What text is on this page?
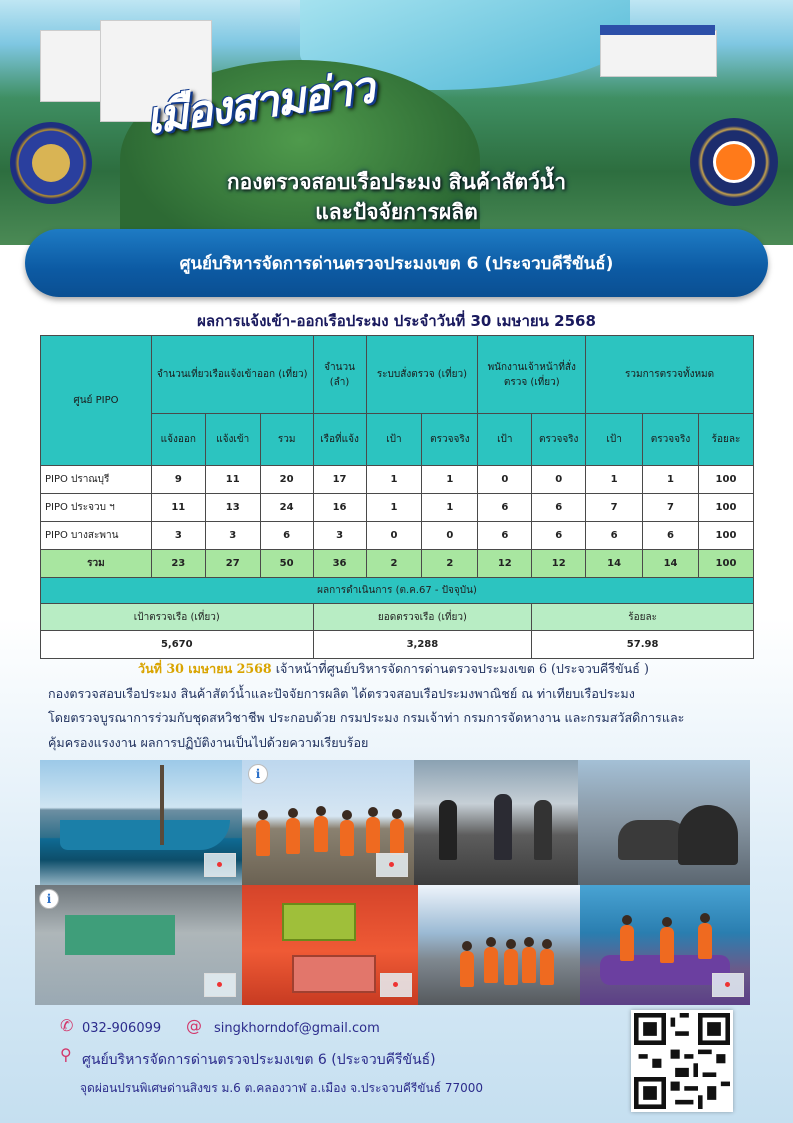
เมืองสามอ่าว
กองตรวจสอบเรือประมง สินค้าสัตว์น้ำ
และปัจจัยการผลิต
ศูนย์บริหารจัดการด่านตรวจประมงเขต 6 (ประจวบคีรีขันธ์)
ผลการแจ้งเข้า-ออกเรือประมง ประจำวันที่ 30 เมษายน 2568
ศูนย์ PIPO	จำนวนเที่ยวเรือแจ้งเข้าออก (เที่ยว)			จำนวน (ลำ)	ระบบสั่งตรวจ (เที่ยว)		พนักงานเจ้าหน้าที่สั่งตรวจ (เที่ยว)		รวมการตรวจทั้งหมด		
	แจ้งออก	แจ้งเข้า	รวม	เรือที่แจ้ง	เป้า	ตรวจจริง	เป้า	ตรวจจริง	เป้า	ตรวจจริง	ร้อยละ
PIPO ปราณบุรี	9	11	20	17	1	1	0	0	1	1	100
PIPO ประจวบ ฯ	11	13	24	16	1	1	6	6	7	7	100
PIPO บางสะพาน	3	3	6	3	0	0	6	6	6	6	100
รวม	23	27	50	36	2	2	12	12	14	14	100
ผลการดำเนินการ (ต.ค.67 - ปัจจุบัน)											
เป้าตรวจเรือ (เที่ยว)				ยอดตรวจเรือ (เที่ยว)				ร้อยละ			
5,670				3,288				57.98			
วันที่ 30 เมษายน 2568 เจ้าหน้าที่ศูนย์บริหารจัดการด่านตรวจประมงเขต 6 (ประจวบคีรีขันธ์ )
กองตรวจสอบเรือประมง สินค้าสัตว์น้ำและปัจจัยการผลิต ได้ตรวจสอบเรือประมงพาณิชย์ ณ ท่าเทียบเรือประมง
โดยตรวจบูรณาการร่วมกับชุดสหวิชาชีพ ประกอบด้วย กรมประมง กรมเจ้าท่า กรมการจัดหางาน และกรมสวัสดิการและ
คุ้มครองแรงงาน ผลการปฏิบัติงานเป็นไปด้วยความเรียบร้อย
i
i
✆ 032-906099 @ singkhorndof@gmail.com
⚲ ศูนย์บริหารจัดการด่านตรวจประมงเขต 6 (ประจวบคีรีขันธ์)
จุดผ่อนปรนพิเศษด่านสิงขร ม.6 ต.คลองวาฬ อ.เมือง จ.ประจวบคีรีขันธ์ 77000
